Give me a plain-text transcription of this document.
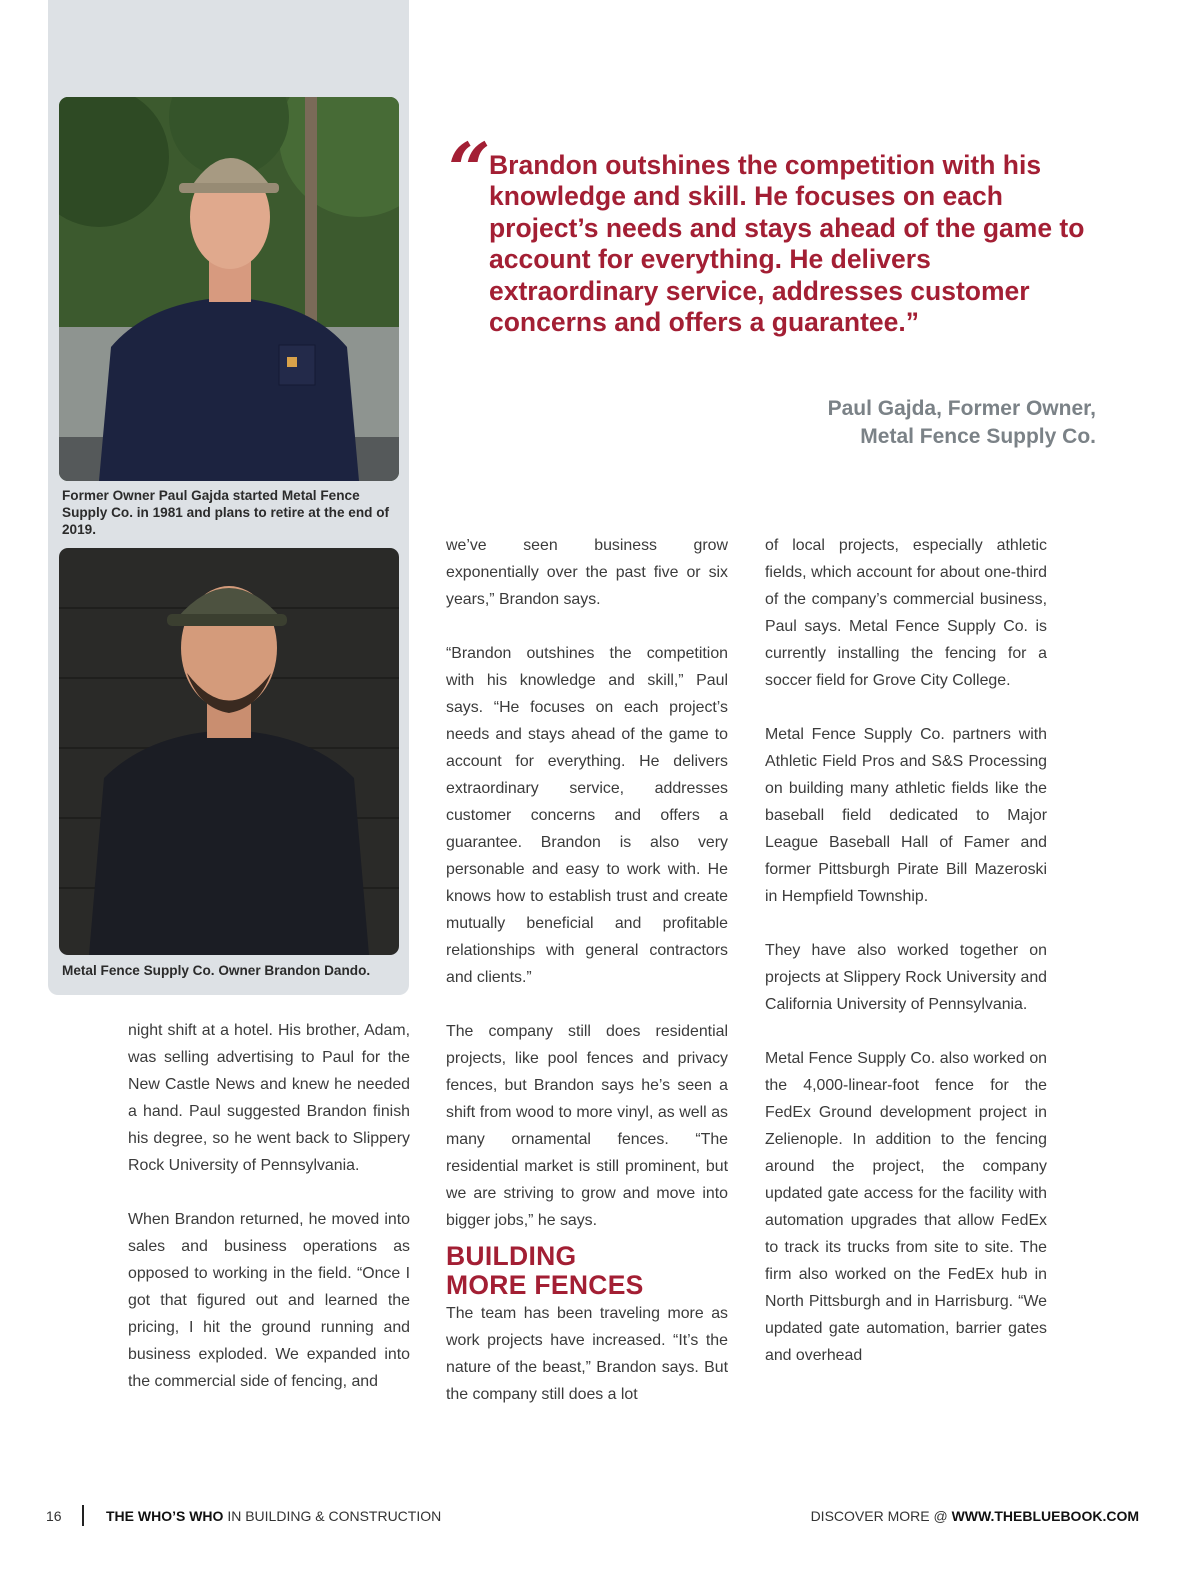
Former Owner Paul Gajda started Metal Fence Supply Co. in 1981 and plans to retire at the end of 2019.
Metal Fence Supply Co. Owner Brandon Dando.
“

Brandon outshines the competition with his knowledge and skill. He focuses on each project’s needs and stays ahead of the game to account for everything. He delivers extraordinary service, addresses customer concerns and offers a guarantee.”

Paul Gajda, Former Owner,
Metal Fence Supply Co.

night shift at a hotel. His brother, Adam, was selling advertising to Paul for the New Castle News and knew he needed a hand. Paul suggested Brandon finish his degree, so he went back to Slippery Rock University of Pennsylvania.

When Brandon returned, he moved into sales and business operations as opposed to working in the field. “Once I got that figured out and learned the pricing, I hit the ground running and business exploded. We expanded into the commercial side of fencing, and

we’ve seen business grow exponentially over the past five or six years,” Brandon says.

“Brandon outshines the competition with his knowledge and skill,” Paul says. “He focuses on each project’s needs and stays ahead of the game to account for everything. He delivers extraordinary service, addresses customer concerns and offers a guarantee. Brandon is also very personable and easy to work with. He knows how to establish trust and create mutually beneficial and profitable relationships with general contractors and clients.”

The company still does residential projects, like pool fences and privacy fences, but Brandon says he’s seen a shift from wood to more vinyl, as well as many ornamental fences. “The residential market is still prominent, but we are striving to grow and move into bigger jobs,” he says.

BUILDING
MORE FENCES

The team has been traveling more as work projects have increased. “It’s the nature of the beast,” Brandon says. But the company still does a lot

of local projects, especially athletic fields, which account for about one-third of the company’s commercial business, Paul says. Metal Fence Supply Co. is currently installing the fencing for a soccer field for Grove City College.

Metal Fence Supply Co. partners with Athletic Field Pros and S&S Processing on building many athletic fields like the baseball field dedicated to Major League Baseball Hall of Famer and former Pittsburgh Pirate Bill Mazeroski in Hempfield Township.

They have also worked together on projects at Slippery Rock University and California University of Pennsylvania.

Metal Fence Supply Co. also worked on the 4,000-linear-foot fence for the FedEx Ground development project in Zelienople. In addition to the fencing around the project, the company updated gate access for the facility with automation upgrades that allow FedEx to track its trucks from site to site. The firm also worked on the FedEx hub in North Pittsburgh and in Harrisburg. “We updated gate automation, barrier gates and overhead

16	THE WHO’S WHO IN BUILDING & CONSTRUCTION	DISCOVER MORE @ WWW.THEBLUEBOOK.COM
